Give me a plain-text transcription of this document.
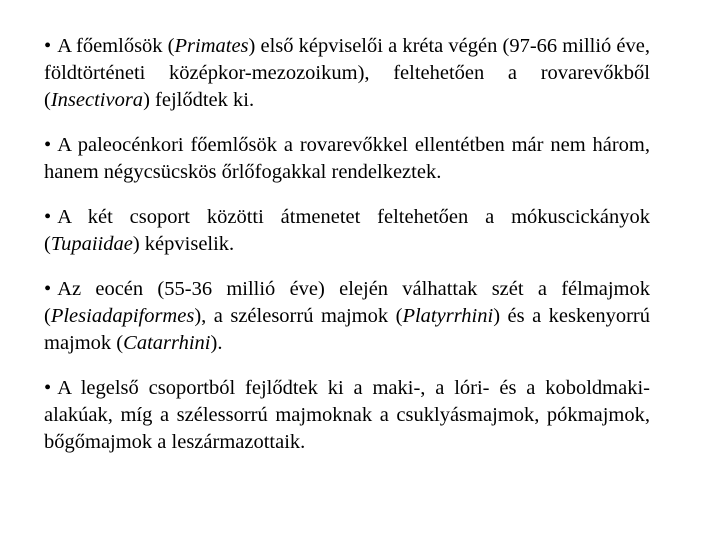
• A főemlősök (Primates) első képviselői a kréta végén (97-66 millió éve, földtörténeti középkor-mezozoikum), feltehetően a rovarevőkből (Insectivora) fejlődtek ki.

• A paleocénkori főemlősök a rovarevőkkel ellentétben már nem három, hanem négycsücskös őrlőfogakkal rendelkeztek.

• A két csoport közötti átmenetet feltehetően a mókuscickányok (Tupaiidae) képviselik.

• Az eocén (55-36 millió éve) elején válhattak szét a félmajmok (Plesiadapiformes), a szélesorrú majmok (Platyrrhini) és a keskenyorrú majmok (Catarrhini).

• A legelső csoportból fejlődtek ki a maki-, a lóri- és a koboldmaki-alakúak, míg a szélessorrú majmoknak a csuklyásmajmok, pókmajmok, bőgőmajmok a leszármazottaik.
